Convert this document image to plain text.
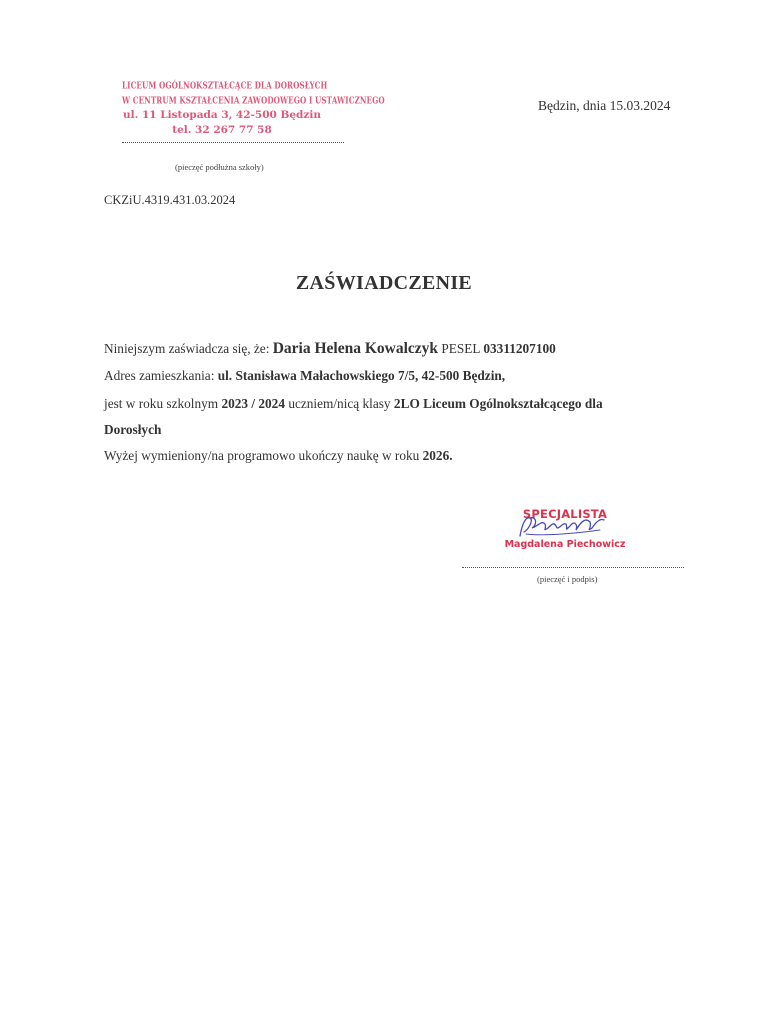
LICEUM OGÓLNOKSZTAŁCĄCE DLA DOROSŁYCH
W CENTRUM KSZTAŁCENIA ZAWODOWEGO I USTAWICZNEGO
ul. 11 Listopada 3, 42-500 Będzin
tel. 32 267 77 58
(pieczęć podłużna szkoły)
Będzin, dnia 15.03.2024
CKZiU.4319.431.03.2024
ZAŚWIADCZENIE
Niniejszym zaświadcza się, że: Daria Helena Kowalczyk PESEL 03311207100
Adres zamieszkania: ul. Stanisława Małachowskiego 7/5, 42-500 Będzin,
jest w roku szkolnym 2023 / 2024 uczniem/nicą klasy 2LO Liceum Ogólnokształcącego dla
Dorosłych
Wyżej wymieniony/na programowo ukończy naukę w roku 2026.
SPECJALISTA
Magdalena Piechowicz
(pieczęć i podpis)
